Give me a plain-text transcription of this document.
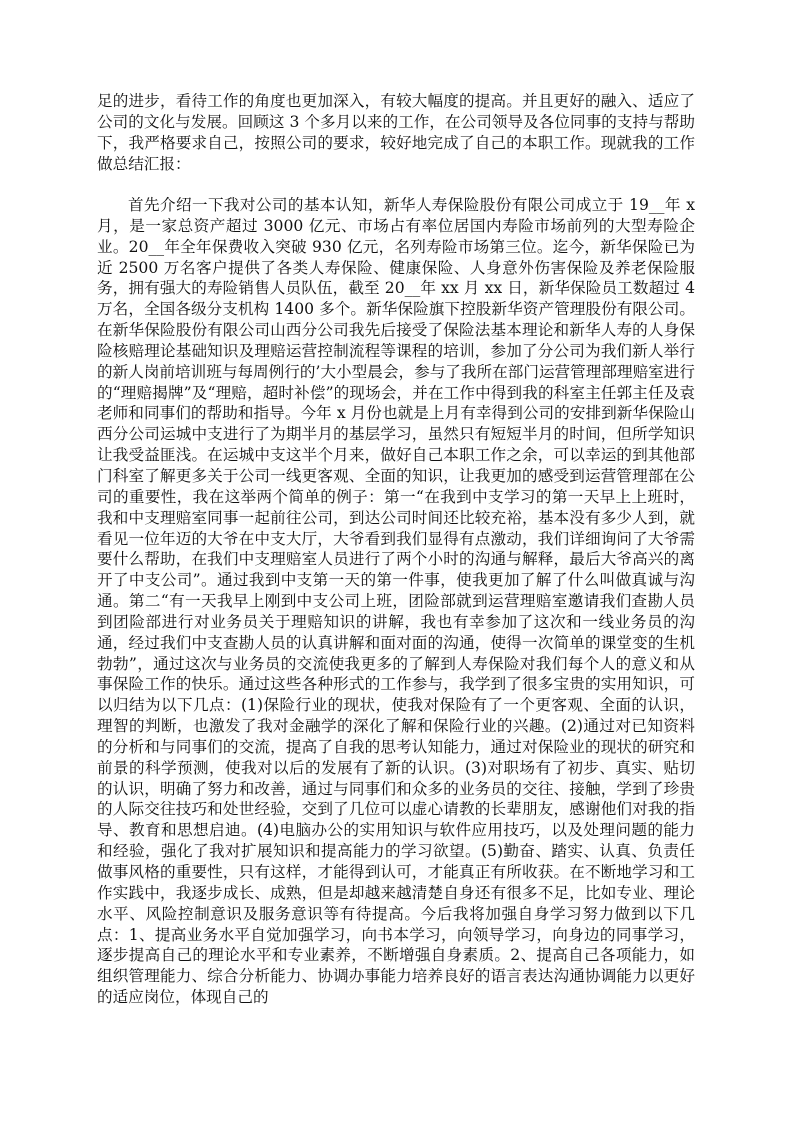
足的进步，看待工作的角度也更加深入，有较大幅度的提高。并且更好的融入、适应了公司的文化与发展。回顾这 3 个多月以来的工作，在公司领导及各位同事的支持与帮助下，我严格要求自己，按照公司的要求，较好地完成了自己的本职工作。现就我的工作做总结汇报：

首先介绍一下我对公司的基本认知，新华人寿保险股份有限公司成立于 19__年 x 月，是一家总资产超过 3000 亿元、市场占有率位居国内寿险市场前列的大型寿险企业。20__年全年保费收入突破 930 亿元，名列寿险市场第三位。迄今，新华保险已为近 2500 万名客户提供了各类人寿保险、健康保险、人身意外伤害保险及养老保险服务，拥有强大的寿险销售人员队伍，截至 20__年 xx 月 xx 日，新华保险员工数超过 4 万名，全国各级分支机构 1400 多个。新华保险旗下控股新华资产管理股份有限公司。在新华保险股份有限公司山西分公司我先后接受了保险法基本理论和新华人寿的人身保险核赔理论基础知识及理赔运营控制流程等课程的培训，参加了分公司为我们新人举行的新人岗前培训班与每周例行的’大小型晨会，参与了我所在部门运营管理部理赔室进行的“理赔揭牌”及“理赔，超时补偿”的现场会，并在工作中得到我的科室主任郭主任及袁老师和同事们的帮助和指导。今年 x 月份也就是上月有幸得到公司的安排到新华保险山西分公司运城中支进行了为期半月的基层学习，虽然只有短短半月的时间，但所学知识让我受益匪浅。在运城中支这半个月来，做好自己本职工作之余，可以幸运的到其他部门科室了解更多关于公司一线更客观、全面的知识，让我更加的感受到运营管理部在公司的重要性，我在这举两个简单的例子：第一“在我到中支学习的第一天早上上班时，我和中支理赔室同事一起前往公司，到达公司时间还比较充裕，基本没有多少人到，就看见一位年迈的大爷在中支大厅，大爷看到我们显得有点激动，我们详细询问了大爷需要什么帮助，在我们中支理赔室人员进行了两个小时的沟通与解释，最后大爷高兴的离开了中支公司”。通过我到中支第一天的第一件事，使我更加了解了什么叫做真诚与沟通。第二“有一天我早上刚到中支公司上班，团险部就到运营理赔室邀请我们查勘人员到团险部进行对业务员关于理赔知识的讲解，我也有幸参加了这次和一线业务员的沟通，经过我们中支查勘人员的认真讲解和面对面的沟通，使得一次简单的课堂变的生机勃勃”，通过这次与业务员的交流使我更多的了解到人寿保险对我们每个人的意义和从事保险工作的快乐。通过这些各种形式的工作参与，我学到了很多宝贵的实用知识，可以归结为以下几点：(1)保险行业的现状，使我对保险有了一个更客观、全面的认识，理智的判断，也激发了我对金融学的深化了解和保险行业的兴趣。(2)通过对已知资料的分析和与同事们的交流，提高了自我的思考认知能力，通过对保险业的现状的研究和前景的科学预测，使我对以后的发展有了新的认识。(3)对职场有了初步、真实、贴切的认识，明确了努力和改善，通过与同事们和众多的业务员的交往、接触，学到了珍贵的人际交往技巧和处世经验，交到了几位可以虚心请教的长辈朋友，感谢他们对我的指导、教育和思想启迪。(4)电脑办公的实用知识与软件应用技巧，以及处理问题的能力和经验，强化了我对扩展知识和提高能力的学习欲望。(5)勤奋、踏实、认真、负责任做事风格的重要性，只有这样，才能得到认可，才能真正有所收获。在不断地学习和工作实践中，我逐步成长、成熟，但是却越来越清楚自身还有很多不足，比如专业、理论水平、风险控制意识及服务意识等有待提高。今后我将加强自身学习努力做到以下几点：1、提高业务水平自觉加强学习，向书本学习，向领导学习，向身边的同事学习，逐步提高自己的理论水平和专业素养，不断增强自身素质。2、提高自己各项能力，如组织管理能力、综合分析能力、协调办事能力培养良好的语言表达沟通协调能力以更好的适应岗位，体现自己的
